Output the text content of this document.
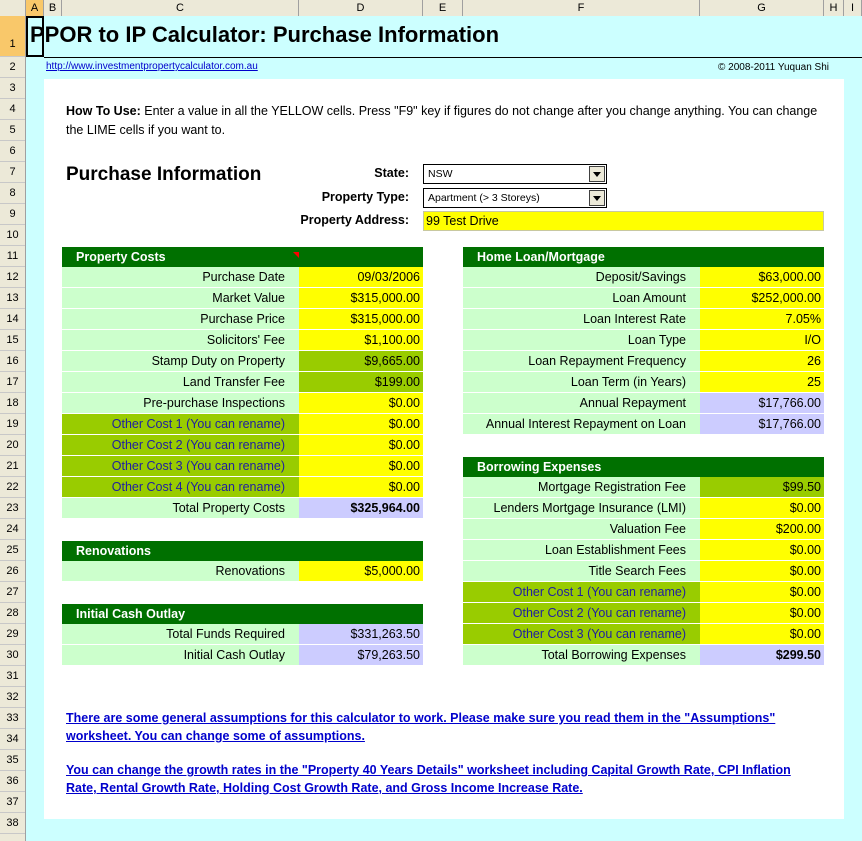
A B	C	D	E	F	G	H	I
1
2
3
4
5
6
7
8
9
10
11
12
13
14
15
16
17
18
19
20
21
22
23
24
25
26
27
28
29
30
31
32
33
34
35
36
37
38
PPOR to IP Calculator: Purchase Information
http://www.investmentpropertycalculator.com.au	© 2008-2011 Yuquan Shi
How To Use: Enter a value in all the YELLOW cells. Press "F9" key if figures do not change after you change anything. You can change the LIME cells if you want to.
Purchase Information	State:	NSW
Property Type:	Apartment (> 3 Storeys)
Property Address: 99 Test Drive
Property Costs
Purchase Date	09/03/2006
Market Value	$315,000.00
Purchase Price	$315,000.00
Solicitors' Fee	$1,100.00
Stamp Duty on Property	$9,665.00
Land Transfer Fee	$199.00
Pre-purchase Inspections	$0.00
Other Cost 1 (You can rename)	$0.00
Other Cost 2 (You can rename)	$0.00
Other Cost 3 (You can rename)	$0.00
Other Cost 4 (You can rename)	$0.00
Total Property Costs	$325,964.00
Renovations
Renovations	$5,000.00
Initial Cash Outlay
Total Funds Required	$331,263.50
Initial Cash Outlay	$79,263.50
Home Loan/Mortgage
Deposit/Savings	$63,000.00
Loan Amount	$252,000.00
Loan Interest Rate	7.05%
Loan Type	I/O
Loan Repayment Frequency	26
Loan Term (in Years)	25
Annual Repayment	$17,766.00
Annual Interest Repayment on Loan	$17,766.00
Borrowing Expenses
Mortgage Registration Fee	$99.50
Lenders Mortgage Insurance (LMI)	$0.00
Valuation Fee	$200.00
Loan Establishment Fees	$0.00
Title Search Fees	$0.00
Other Cost 1 (You can rename)	$0.00
Other Cost 2 (You can rename)	$0.00
Other Cost 3 (You can rename)	$0.00
Total Borrowing Expenses	$299.50
There are some general assumptions for this calculator to work. Please make sure you read them in the "Assumptions" worksheet. You can change some of assumptions.
You can change the growth rates in the "Property 40 Years Details" worksheet including Capital Growth Rate, CPI Inflation Rate, Rental Growth Rate, Holding Cost Growth Rate, and Gross Income Increase Rate.
